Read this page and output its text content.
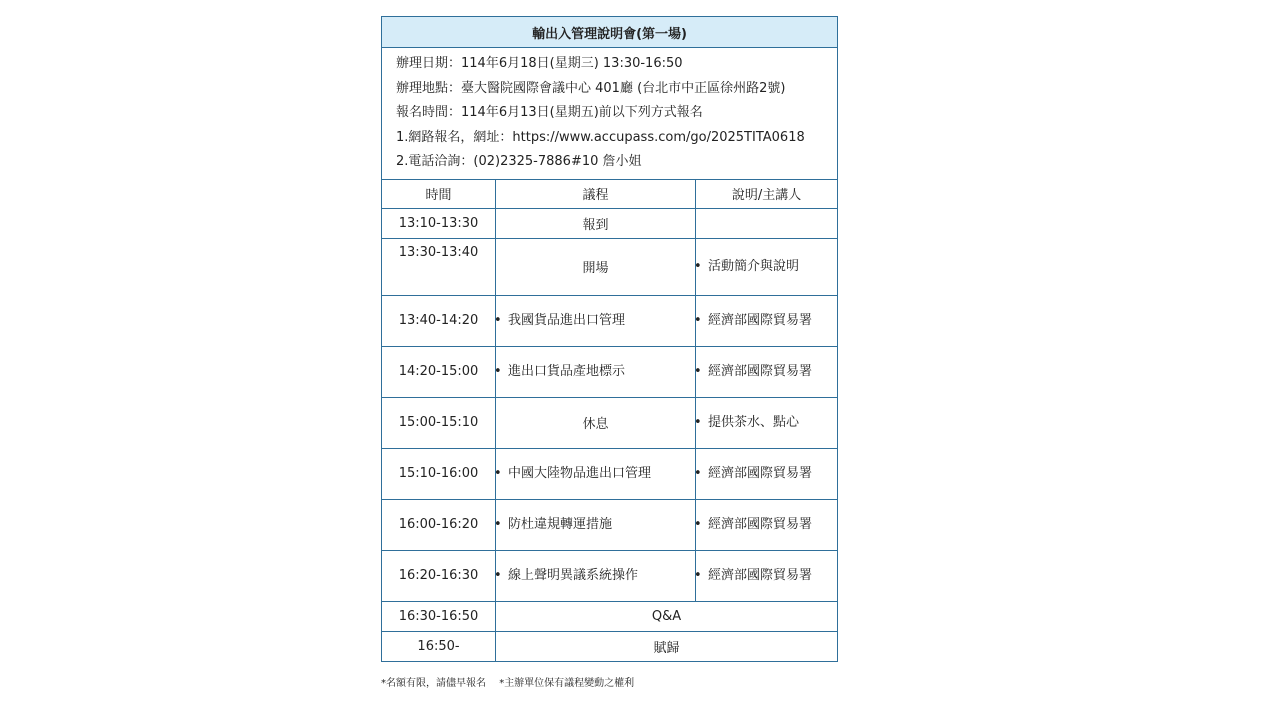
輸出入管理說明會(第一場)		

辦理日期：114年6月18日(星期三) 13:30-16:50
辦理地點：臺大醫院國際會議中心 401廳 (台北市中正區徐州路2號)
報名時間：114年6月13日(星期五)前以下列方式報名
1.網路報名，網址：https://www.accupass.com/go/2025TITA0618
2.電話洽詢：(02)2325-7886#10 詹小姐		

時間	議程	說明/主講人
13:10-13:30	報到	
13:30-13:40	開場	• 活動簡介與說明
13:40-14:20	• 我國貨品進出口管理	• 經濟部國際貿易署
14:20-15:00	• 進出口貨品產地標示	• 經濟部國際貿易署
15:00-15:10	休息	• 提供茶水、點心
15:10-16:00	• 中國大陸物品進出口管理	• 經濟部國際貿易署
16:00-16:20	• 防杜違規轉運措施	• 經濟部國際貿易署
16:20-16:30	• 線上聲明異議系統操作	• 經濟部國際貿易署
16:30-16:50	Q&A	
16:50-	賦歸	
*名額有限，請儘早報名 *主辦單位保有議程變動之權利
